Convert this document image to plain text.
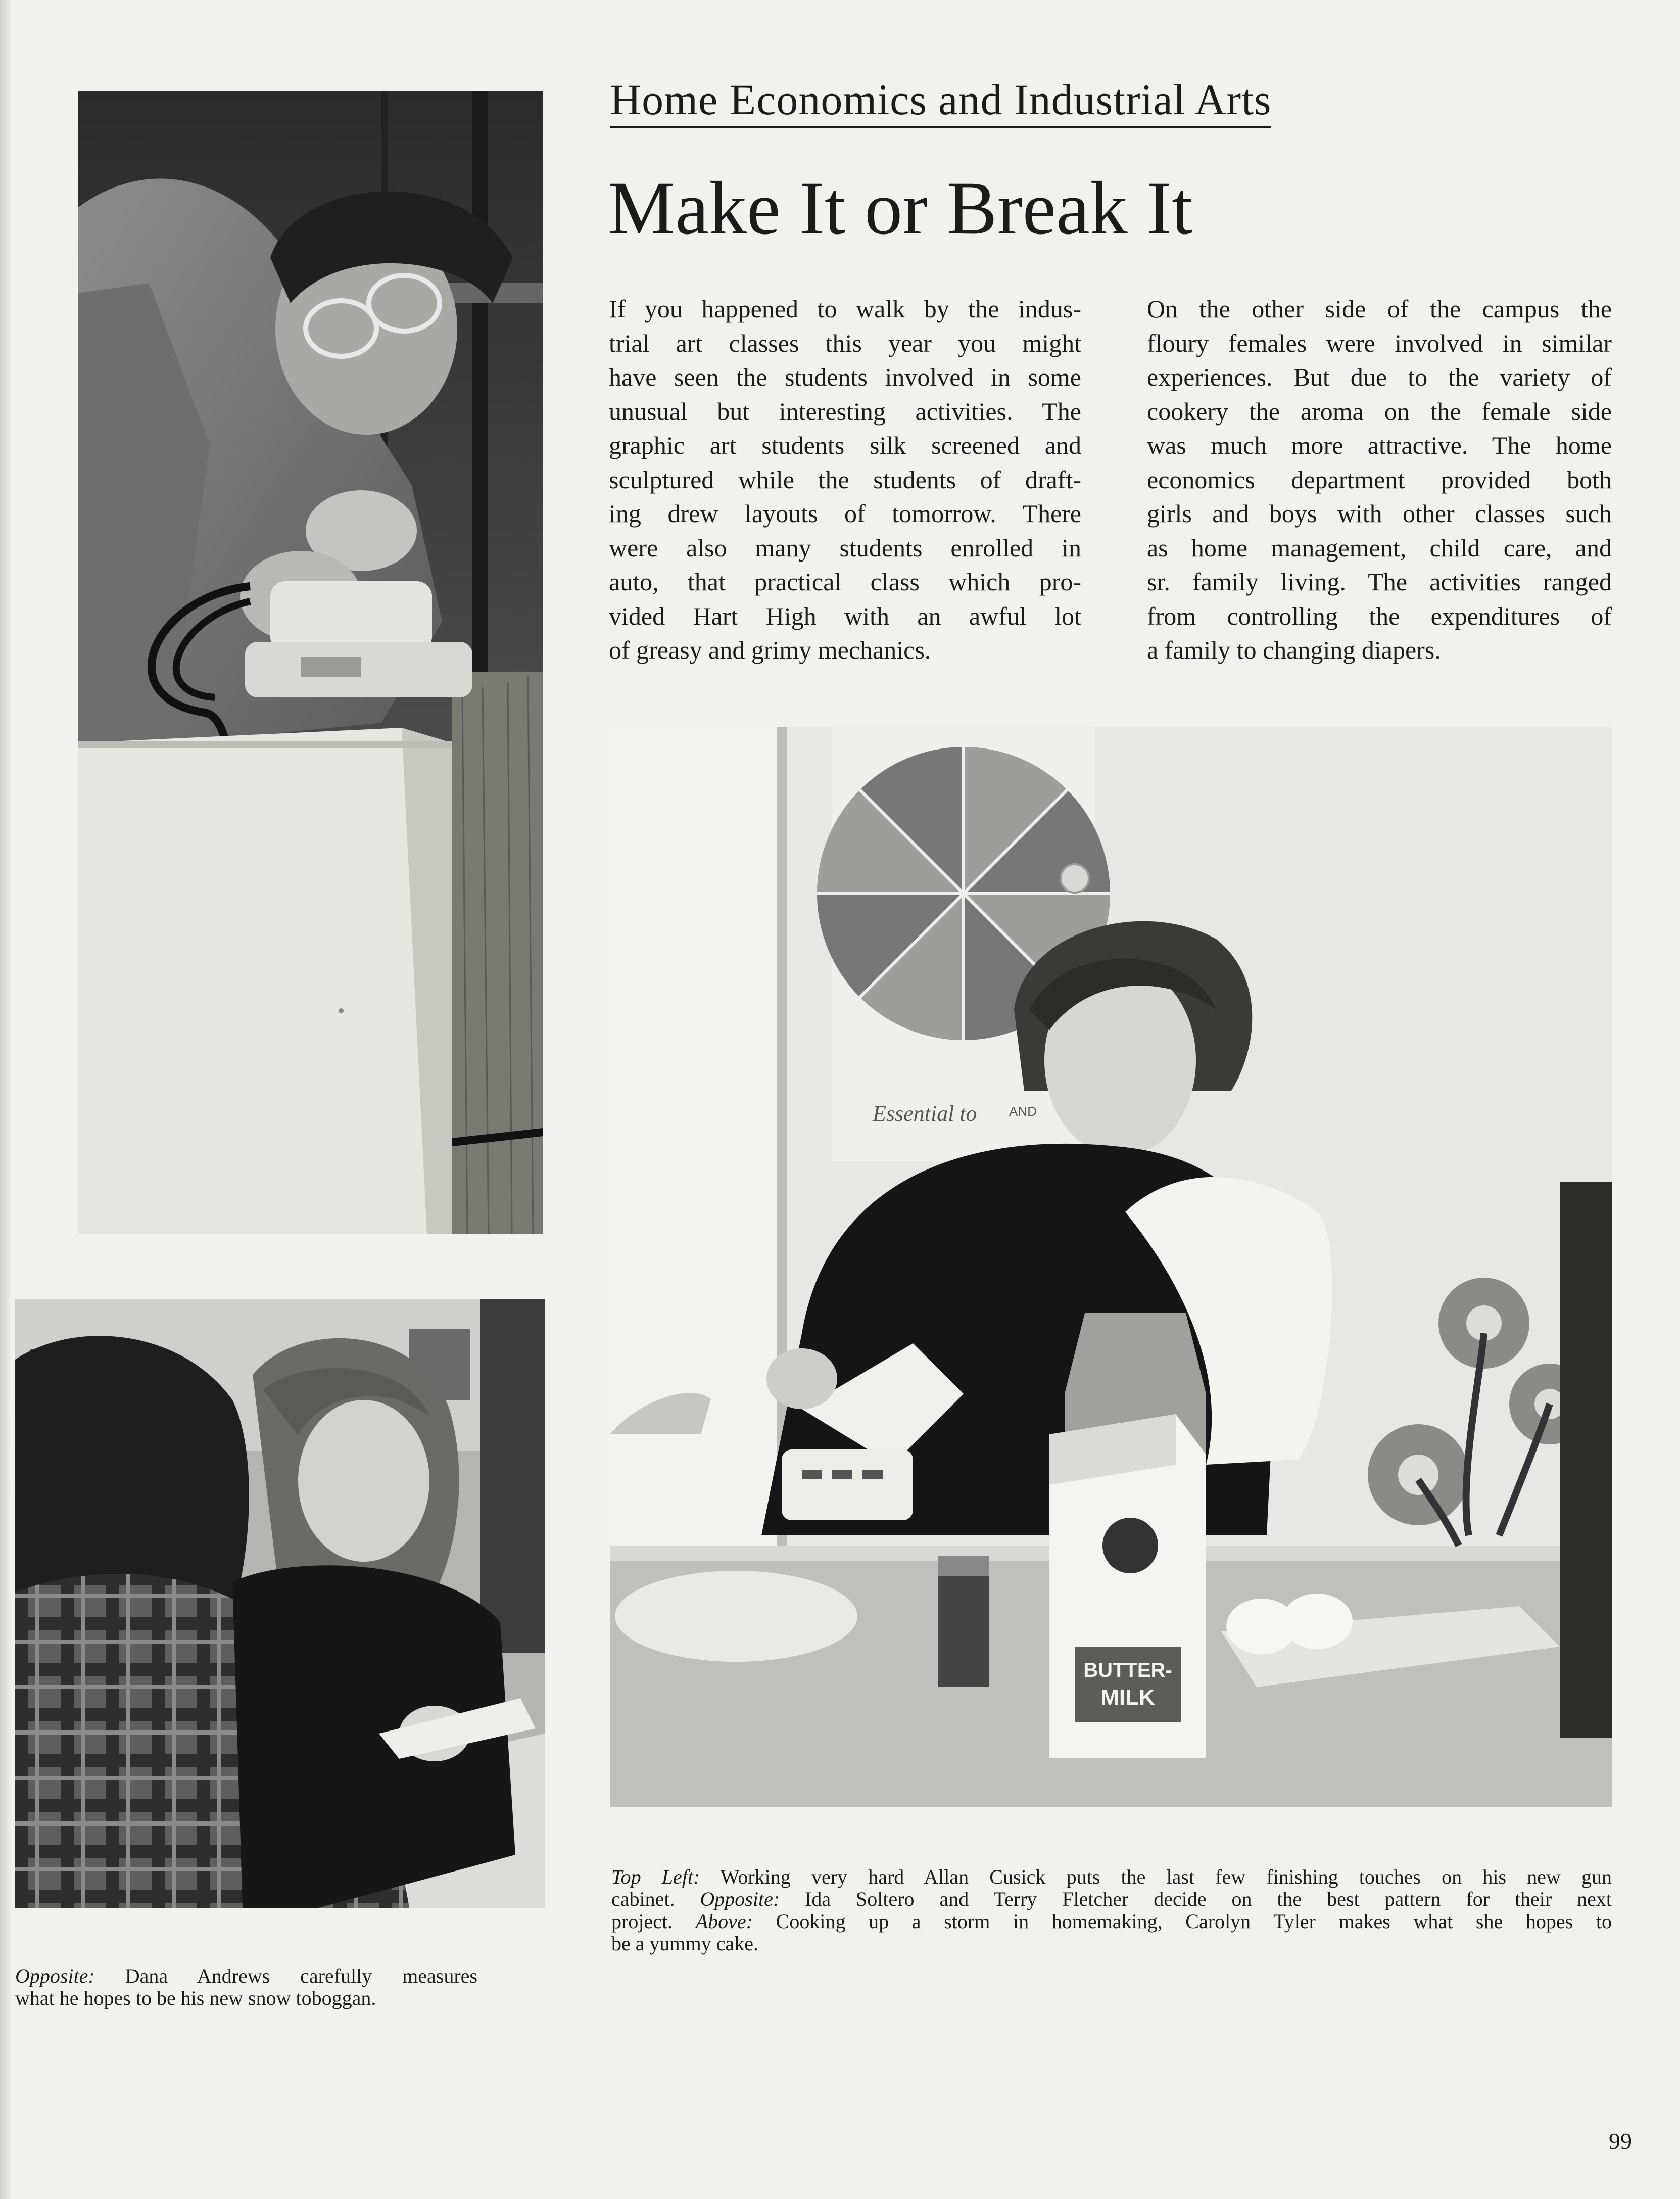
Essential to AND
BUTTER-
MILK
Home Economics and Industrial Arts
Make It or Break It
If you happened to walk by the indus-
trial art classes this year you might
have seen the students involved in some
unusual but interesting activities. The
graphic art students silk screened and
sculptured while the students of draft-
ing drew layouts of tomorrow. There
were also many students enrolled in
auto, that practical class which pro-
vided Hart High with an awful lot
of greasy and grimy mechanics.
On the other side of the campus the
floury females were involved in similar
experiences. But due to the variety of
cookery the aroma on the female side
was much more attractive. The home
economics department provided both
girls and boys with other classes such
as home management, child care, and
sr. family living. The activities ranged
from controlling the expenditures of
a family to changing diapers.
Top Left: Working very hard Allan Cusick puts the last few finishing touches on his new gun
cabinet. Opposite: Ida Soltero and Terry Fletcher decide on the best pattern for their next
project. Above: Cooking up a storm in homemaking, Carolyn Tyler makes what she hopes to
be a yummy cake.
Opposite: Dana Andrews carefully measures
what he hopes to be his new snow toboggan.
99
